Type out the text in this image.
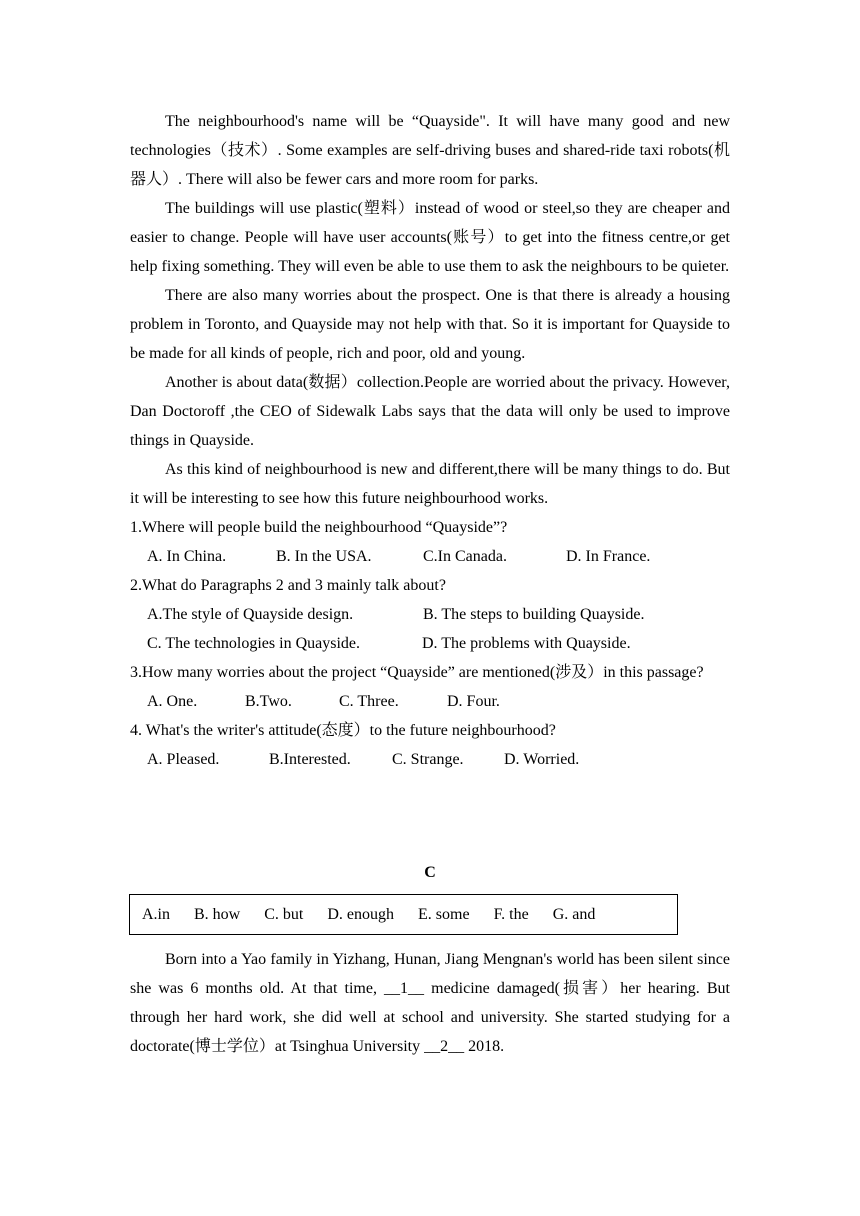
The neighbourhood's name will be “Quayside". It will have many good and new technologies（技术）. Some examples are self-driving buses and shared-ride taxi robots(机器人）. There will also be fewer cars and more room for parks.

The buildings will use plastic(塑料）instead of wood or steel,so they are cheaper and easier to change. People will have user accounts(账号）to get into the fitness centre,or get help fixing something. They will even be able to use them to ask the neighbours to be quieter.

There are also many worries about the prospect. One is that there is already a housing problem in Toronto, and Quayside may not help with that. So it is important for Quayside to be made for all kinds of people, rich and poor, old and young.

Another is about data(数据）collection.People are worried about the privacy. However, Dan Doctoroff ,the CEO of Sidewalk Labs says that the data will only be used to improve things in Quayside.

As this kind of neighbourhood is new and different,there will be many things to do. But it will be interesting to see how this future neighbourhood works.

1.Where will people build the neighbourhood “Quayside”?

A. In China.	B. In the USA.	C.In Canada.	D. In France.

2.What do Paragraphs 2 and 3 mainly talk about?

A.The style of Quayside design.	B. The steps to building Quayside.
C. The technologies in Quayside.	D. The problems with Quayside.

3.How many worries about the project “Quayside” are mentioned(涉及）in this passage?

A. One.	B.Two.	C. Three.	D. Four.

4. What's the writer's attitude(态度）to the future neighbourhood?

A. Pleased.	B.Interested.	C. Strange.	D. Worried.
C
A.in B. how C. but D. enough E. some F. the G. and

Born into a Yao family in Yizhang, Hunan, Jiang Mengnan's world has been silent since she was 6 months old. At that time, __1__ medicine damaged(损害）her hearing. But through her hard work, she did well at school and university. She started studying for a doctorate(博士学位）at Tsinghua University __2__ 2018.
